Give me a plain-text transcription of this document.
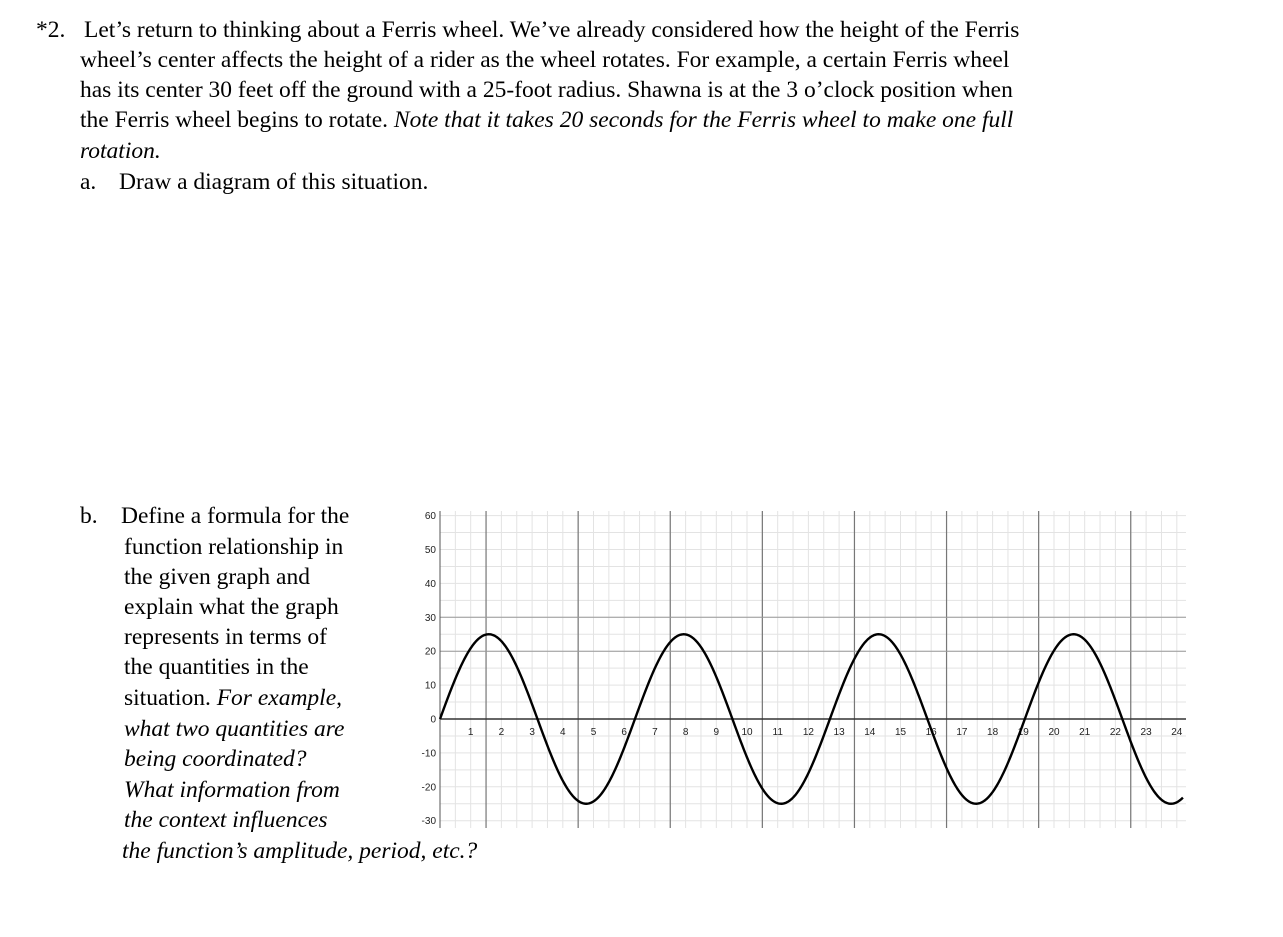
*2. Let’s return to thinking about a Ferris wheel. We’ve already considered how the height of the Ferris
wheel’s center affects the height of a rider as the wheel rotates. For example, a certain Ferris wheel
has its center 30 feet off the ground with a 25-foot radius. Shawna is at the 3 o’clock position when
the Ferris wheel begins to rotate. Note that it takes 20 seconds for the Ferris wheel to make one full
rotation.
a. Draw a diagram of this situation.
b. Define a formula for the
function relationship in
the given graph and
explain what the graph
represents in terms of
the quantities in the
situation. For example,
what two quantities are
being coordinated?
What information from
the context influences
the function’s amplitude, period, etc.?
60
50
40
30
20
10
0
-10
-20
-30
1	2	3	4	5	6	7	8	9 10 11 12 13 14 15 16 17 18 19 20 21 22 23 24
